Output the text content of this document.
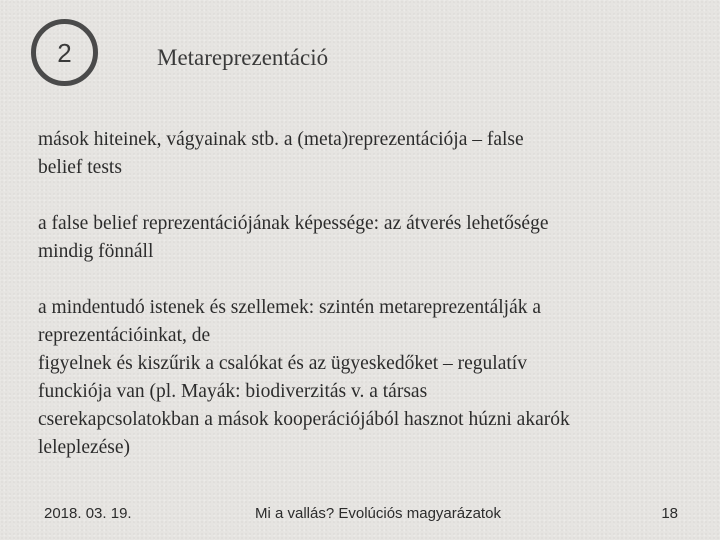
2	Metareprezentáció
mások hiteinek, vágyainak stb. a (meta)reprezentációja – false
belief tests
a false belief reprezentációjának képessége: az átverés lehetősége
mindig fönnáll
a mindentudó istenek és szellemek: szintén metareprezentálják a
reprezentációinkat, de
figyelnek és kiszűrik a csalókat és az ügyeskedőket – regulatív
funckiója van (pl. Mayák: biodiverzitás v. a társas
cserekapcsolatokban a mások kooperációjából hasznot húzni akarók
leleplezése)
2018. 03. 19.	Mi a vallás? Evolúciós magyarázatok	18
